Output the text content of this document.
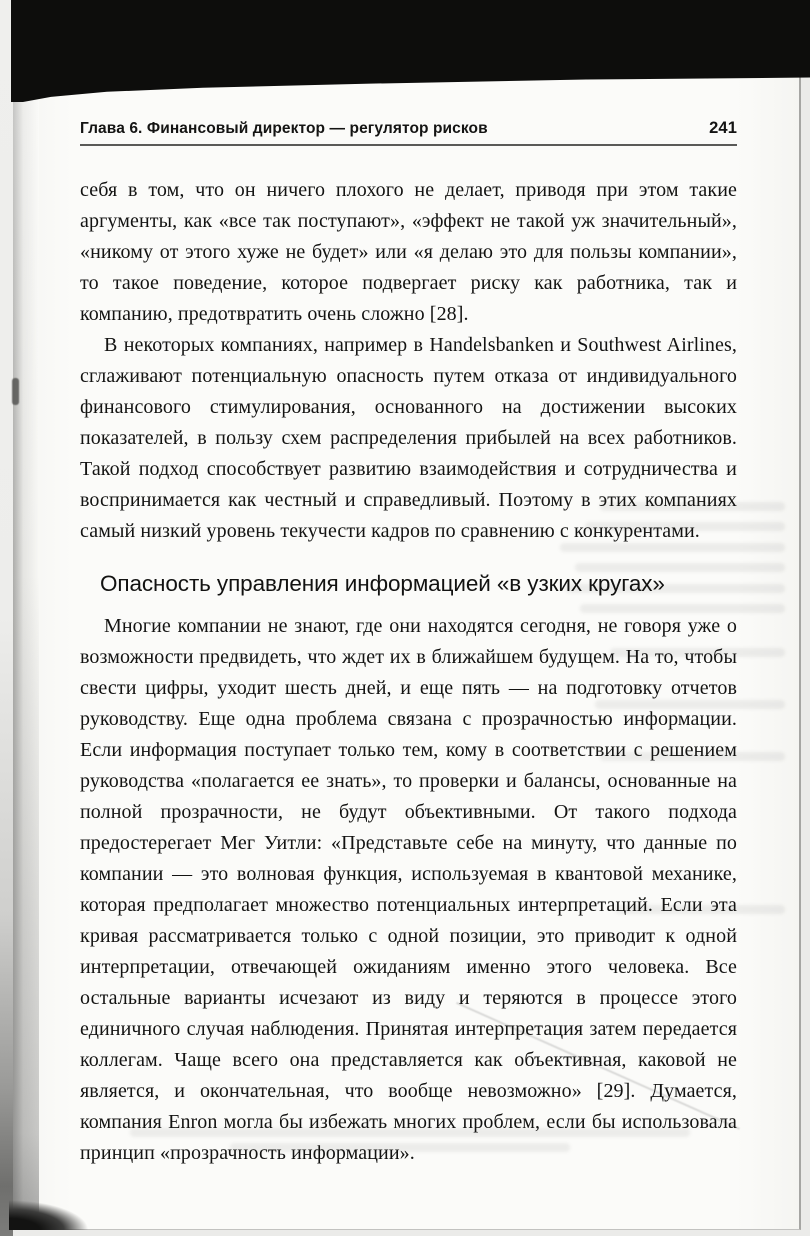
Глава 6. Финансовый директор — регулятор рисков	241

себя в том, что он ничего плохого не делает, приводя при этом такие аргументы, как «все так поступают», «эффект не такой уж значительный», «никому от этого хуже не будет» или «я делаю это для пользы компании», то такое поведение, которое подвергает риску как работника, так и компанию, предотвратить очень сложно [28].

В некоторых компаниях, например в Handelsbanken и Southwest Airlines, сглаживают потенциальную опасность путем отказа от индивидуального финансового стимулирования, основанного на достижении высоких показателей, в пользу схем распределения прибылей на всех работников. Такой подход способствует развитию взаимодействия и сотрудничества и воспринимается как честный и справедливый. Поэтому в этих компаниях самый низкий уровень текучести кадров по сравнению с конкурентами.

Опасность управления информацией «в узких кругах»

Многие компании не знают, где они находятся сегодня, не говоря уже о возможности предвидеть, что ждет их в ближайшем будущем. На то, чтобы свести цифры, уходит шесть дней, и еще пять — на подготовку отчетов руководству. Еще одна проблема связана с прозрачностью информации. Если информация поступает только тем, кому в соответствии с решением руководства «полагается ее знать», то проверки и балансы, основанные на полной прозрачности, не будут объективными. От такого подхода предостерегает Мег Уитли: «Представьте себе на минуту, что данные по компании — это волновая функция, используемая в квантовой механике, которая предполагает множество потенциальных интерпретаций. Если эта кривая рассматривается только с одной позиции, это приводит к одной интерпретации, отвечающей ожиданиям именно этого человека. Все остальные варианты исчезают из виду и теряются в процессе этого единичного случая наблюдения. Принятая интерпретация затем передается коллегам. Чаще всего она представляется как объективная, каковой не является, и окончательная, что вообще невозможно» [29]. Думается, компания Enron могла бы избежать многих проблем, если бы использовала принцип «прозрачность информации».
